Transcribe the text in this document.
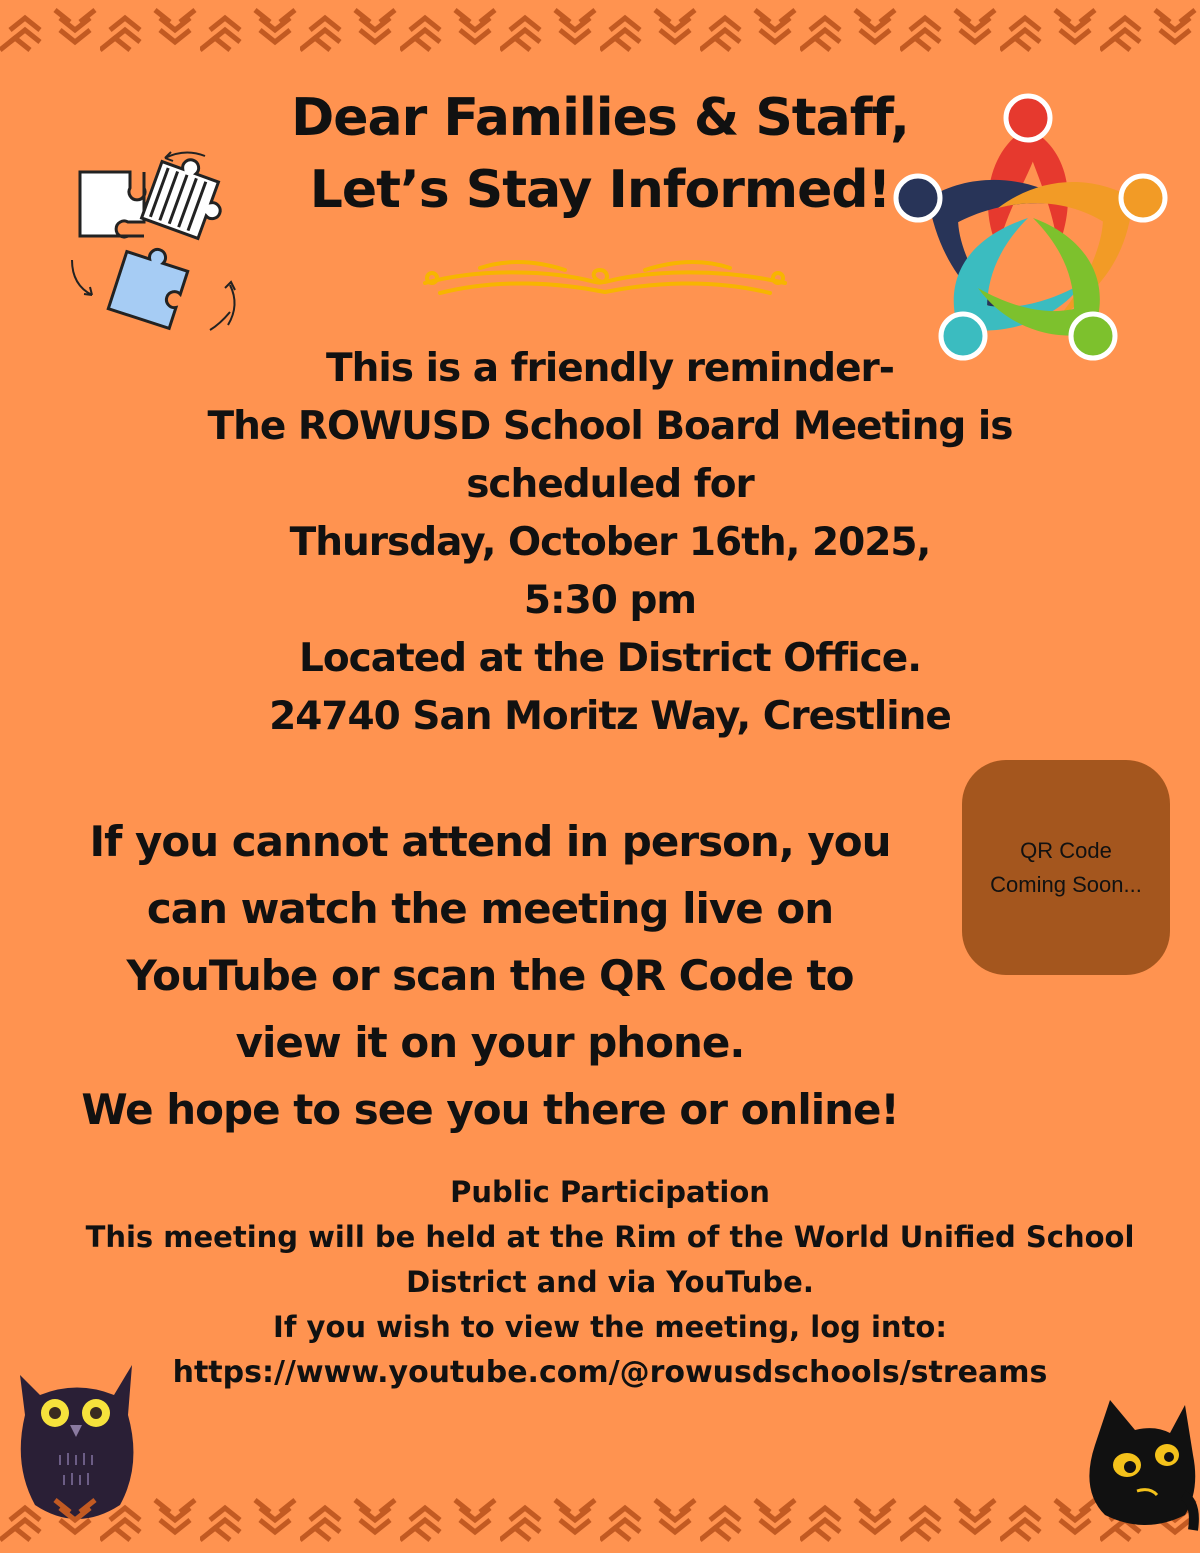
Dear Families & Staff,
Let’s Stay Informed!
This is a friendly reminder-
The ROWUSD School Board Meeting is
scheduled for
Thursday, October 16th, 2025,
5:30 pm
Located at the District Office.
24740 San Moritz Way, Crestline
If you cannot attend in person, you
can watch the meeting live on
YouTube or scan the QR Code to
view it on your phone.
We hope to see you there or online!
QR Code
Coming Soon...
Public Participation
This meeting will be held at the Rim of the World Unified School
District and via YouTube.
If you wish to view the meeting, log into:
https://www.youtube.com/@rowusdschools/streams
